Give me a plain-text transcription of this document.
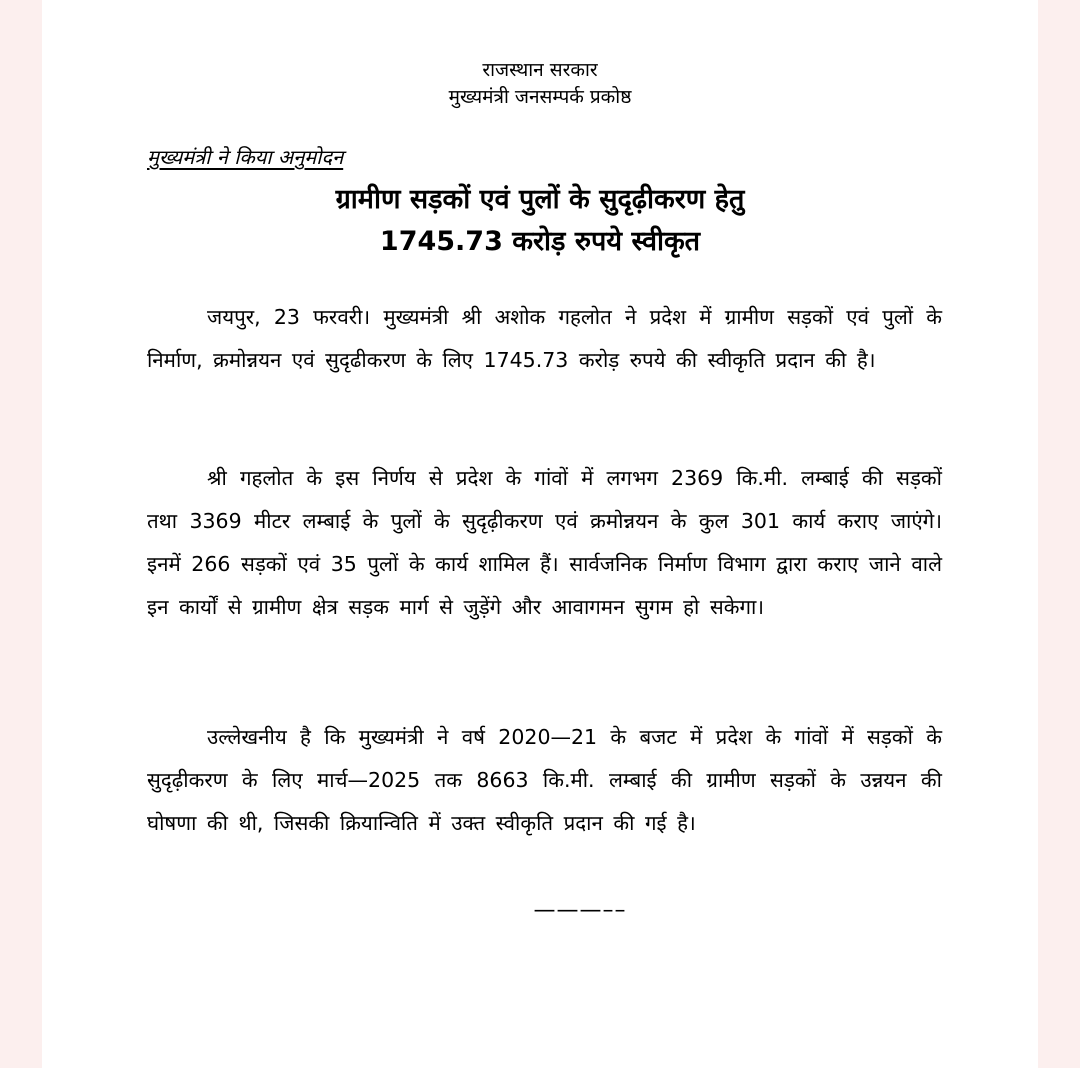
राजस्थान सरकार
मुख्यमंत्री जनसम्पर्क प्रकोष्ठ
मुख्यमंत्री ने किया अनुमोदन
ग्रामीण सड़कों एवं पुलों के सुदृढ़ीकरण हेतु
1745.73 करोड़ रुपये स्वीकृत

जयपुर, 23 फरवरी। मुख्यमंत्री श्री अशोक गहलोत ने प्रदेश में ग्रामीण सड़कों एवं पुलों के निर्माण, क्रमोन्नयन एवं सुदृढीकरण के लिए 1745.73 करोड़ रुपये की स्वीकृति प्रदान की है।

श्री गहलोत के इस निर्णय से प्रदेश के गांवों में लगभग 2369 कि.मी. लम्बाई की सड़कों तथा 3369 मीटर लम्बाई के पुलों के सुदृढ़ीकरण एवं क्रमोन्नयन के कुल 301 कार्य कराए जाएंगे। इनमें 266 सड़कों एवं 35 पुलों के कार्य शामिल हैं। सार्वजनिक निर्माण विभाग द्वारा कराए जाने वाले इन कार्यों से ग्रामीण क्षेत्र सड़क मार्ग से जुड़ेंगे और आवागमन सुगम हो सकेगा।

उल्लेखनीय है कि मुख्यमंत्री ने वर्ष 2020—21 के बजट में प्रदेश के गांवों में सड़कों के सुदृढ़ीकरण के लिए मार्च—2025 तक 8663 कि.मी. लम्बाई की ग्रामीण सड़कों के उन्नयन की घोषणा की थी, जिसकी क्रियान्विति में उक्त स्वीकृति प्रदान की गई है।

———––
